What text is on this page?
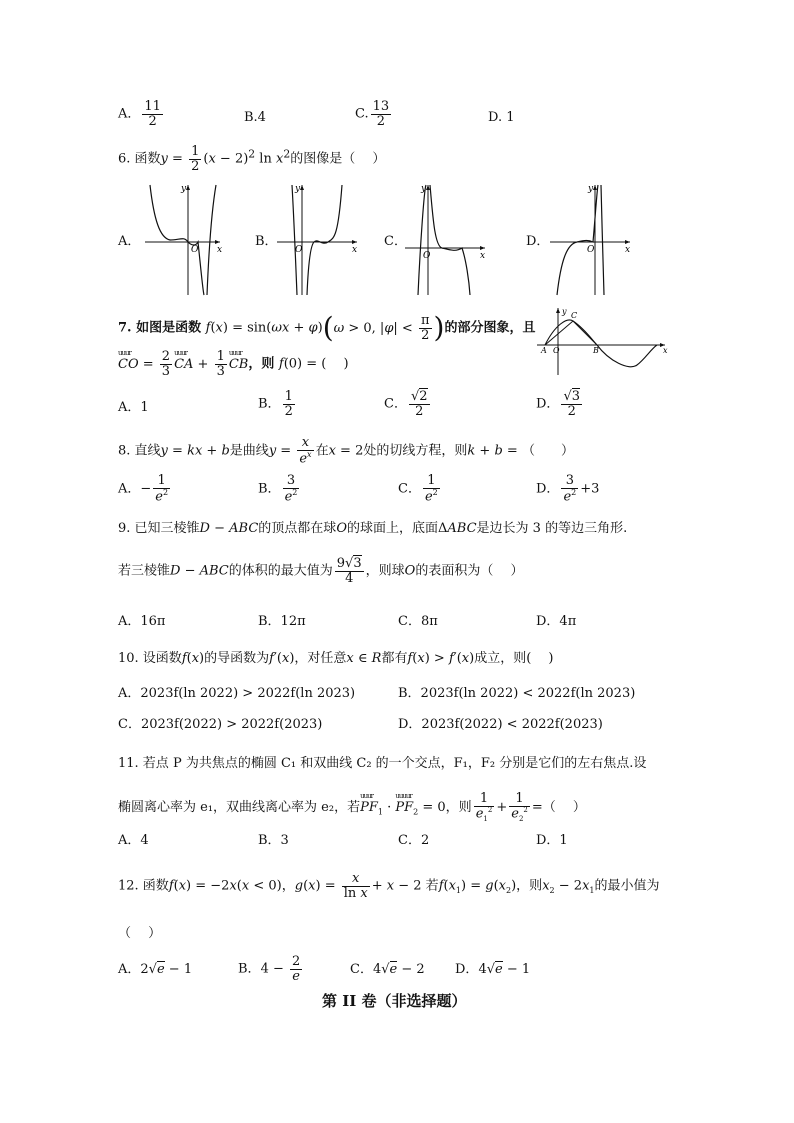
A． $\frac{11}{2}$	B.4	C. $\frac{13}{2}$	D. 1
6. 函数$y = \frac{1}{2} (x - 2)^2$ $\ln x^2$的图像是（　 ）
A．
y
x
O
B．
y
x
O
C．
y
x
O
D．
y
x
O
7. 如图是函数 f(x) = sin(ωx + φ)(ω > 0, $|\varphi| < \frac{\pi}{2}$ )的部分图象，且
uuur
CO = $\frac{2}{3}$ uuur
CA + $\frac{1}{3}$ uuur
CB，则 f(0) = (　 )
y
x
A O	B
C
A．1	B． $\frac{1}{2}$	C． $\frac{√2}{2}$	D． $\frac{√3}{2}$
8. 直线y = kx + b是曲线$y = \frac{x}{e^x}$ 在x = 2处的切线方程，则k + b = （　　）
A．− $\frac{1}{e^2}$	B． $\frac{3}{e^2}$	C． $\frac{1}{e^2}$	D． $\frac{3}{e^2} +3$
9. 已知三棱锥D − ABC的顶点都在球O的球面上，底面ΔABC是边长为 3 的等边三角形.
若三棱锥D − ABC的体积的最大值为 $\frac{9√3}{4}$ ，则球O的表面积为（　 ）
A．16π	B．12π	C．8π	D．4π
10. 设函数f(x)的导函数为f′(x)，对任意x ∈ R都有f(x) > f′(x)成立，则(　 )
A．2023f(ln 2022) > 2022f(ln 2023)	B．2023f(ln 2022) < 2022f(ln 2023)
C．2023f(2022) > 2022f(2023)	D．2023f(2022) < 2022f(2023)
11. 若点 P 为共焦点的椭圆 C₁ 和双曲线 C₂ 的一个交点，F₁，F₂ 分别是它们的左右焦点.设
椭圆离心率为 e₁，双曲线离心率为 e₂，若
uuur
$PF_1$ ·
uuuur
$PF_2 = 0$，则 $\frac{1}{e_1^2} + \frac{1}{e_2^2}$ =（　 ）
A．4	B．3	C．2	D．1
12. 函数f(x) = −2x(x < 0)，$g(x) = \frac{x}{\text{ln x}} + x - 2$ 若$f(x_1) = g(x_2)$，则$x_2 - 2x_1$的最小值为
（　 ）
A．2√e − 1	B．$4 - \frac{2}{e}$	C．4√e − 2 D．4√e − 1
第 II 卷（非选择题）
